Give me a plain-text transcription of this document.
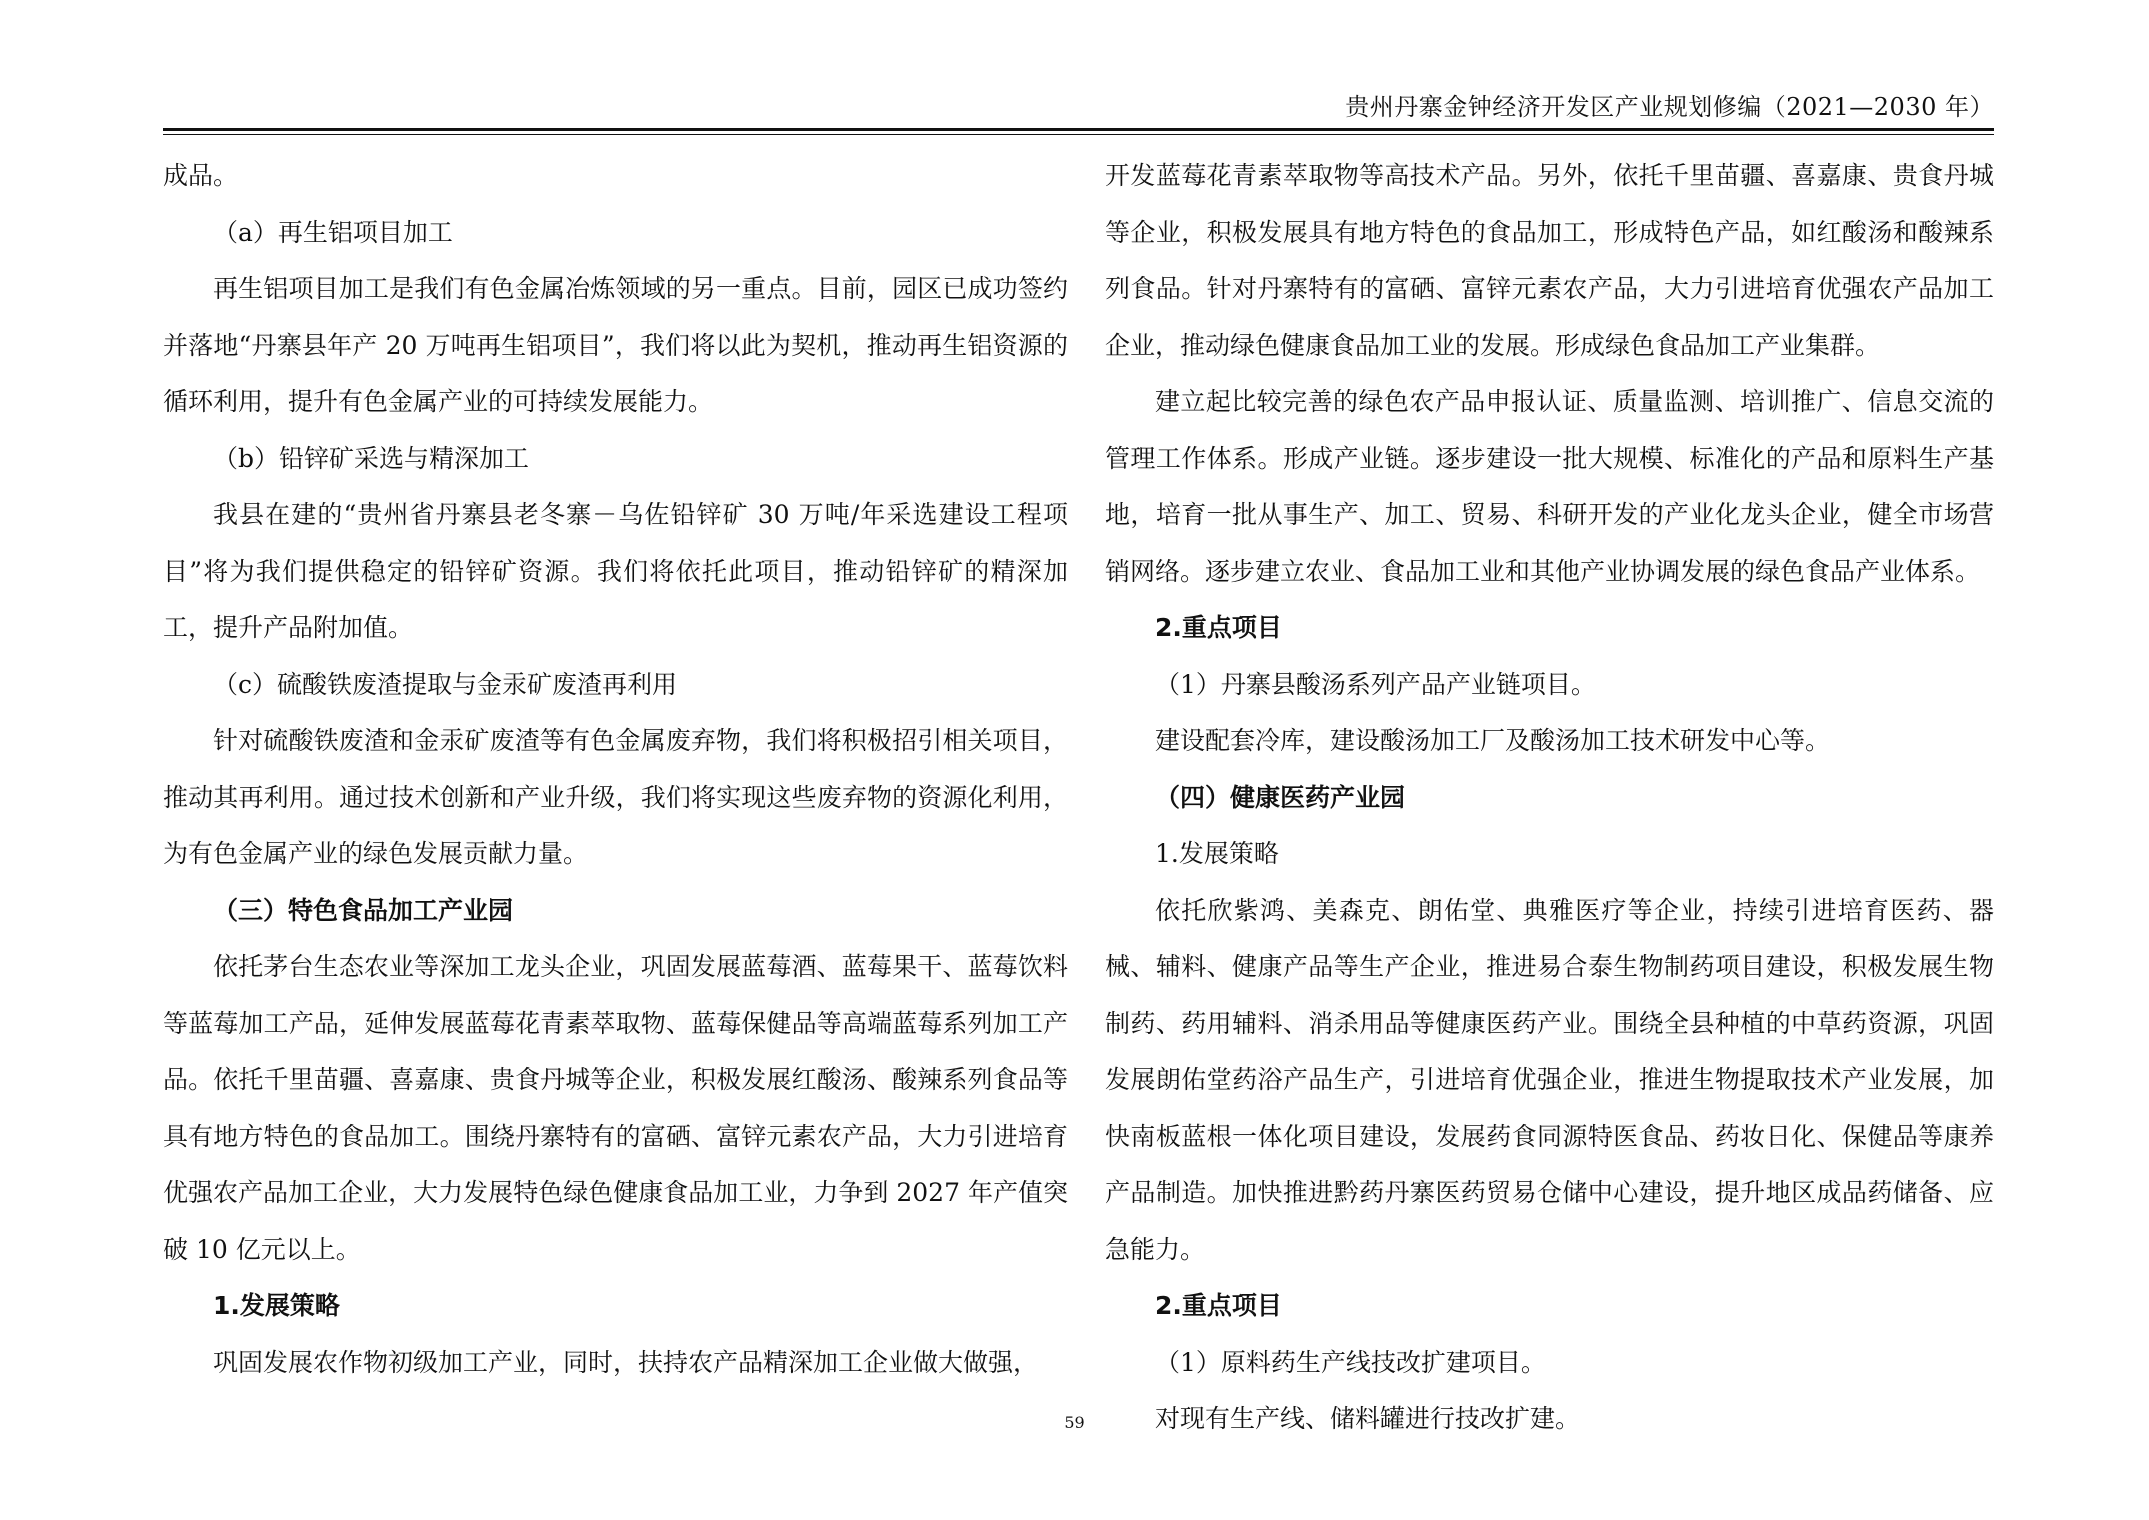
贵州丹寨金钟经济开发区产业规划修编（2021—2030 年）

成品。

（a）再生铝项目加工

再生铝项目加工是我们有色金属冶炼领域的另一重点。目前，园区已成功签约并落地“丹寨县年产 20 万吨再生铝项目”，我们将以此为契机，推动再生铝资源的循环利用，提升有色金属产业的可持续发展能力。

（b）铅锌矿采选与精深加工

我县在建的“贵州省丹寨县老冬寨－乌佐铅锌矿 30 万吨/年采选建设工程项目”将为我们提供稳定的铅锌矿资源。我们将依托此项目，推动铅锌矿的精深加工，提升产品附加值。

（c）硫酸铁废渣提取与金汞矿废渣再利用

针对硫酸铁废渣和金汞矿废渣等有色金属废弃物，我们将积极招引相关项目，推动其再利用。通过技术创新和产业升级，我们将实现这些废弃物的资源化利用，为有色金属产业的绿色发展贡献力量。

（三）特色食品加工产业园

依托茅台生态农业等深加工龙头企业，巩固发展蓝莓酒、蓝莓果干、蓝莓饮料等蓝莓加工产品，延伸发展蓝莓花青素萃取物、蓝莓保健品等高端蓝莓系列加工产品。依托千里苗疆、喜嘉康、贵食丹城等企业，积极发展红酸汤、酸辣系列食品等具有地方特色的食品加工。围绕丹寨特有的富硒、富锌元素农产品，大力引进培育优强农产品加工企业，大力发展特色绿色健康食品加工业，力争到 2027 年产值突破 10 亿元以上。

1.发展策略

巩固发展农作物初级加工产业，同时，扶持农产品精深加工企业做大做强，

开发蓝莓花青素萃取物等高技术产品。另外，依托千里苗疆、喜嘉康、贵食丹城等企业，积极发展具有地方特色的食品加工，形成特色产品，如红酸汤和酸辣系列食品。针对丹寨特有的富硒、富锌元素农产品，大力引进培育优强农产品加工企业，推动绿色健康食品加工业的发展。形成绿色食品加工产业集群。

建立起比较完善的绿色农产品申报认证、质量监测、培训推广、信息交流的管理工作体系。形成产业链。逐步建设一批大规模、标准化的产品和原料生产基地，培育一批从事生产、加工、贸易、科研开发的产业化龙头企业，健全市场营销网络。逐步建立农业、食品加工业和其他产业协调发展的绿色食品产业体系。

2.重点项目

（1）丹寨县酸汤系列产品产业链项目。

建设配套冷库，建设酸汤加工厂及酸汤加工技术研发中心等。

（四）健康医药产业园

1.发展策略

依托欣紫鸿、美森克、朗佑堂、典雅医疗等企业，持续引进培育医药、器械、辅料、健康产品等生产企业，推进易合泰生物制药项目建设，积极发展生物制药、药用辅料、消杀用品等健康医药产业。围绕全县种植的中草药资源，巩固发展朗佑堂药浴产品生产，引进培育优强企业，推进生物提取技术产业发展，加快南板蓝根一体化项目建设，发展药食同源特医食品、药妆日化、保健品等康养产品制造。加快推进黔药丹寨医药贸易仓储中心建设，提升地区成品药储备、应急能力。

2.重点项目

（1）原料药生产线技改扩建项目。

对现有生产线、储料罐进行技改扩建。

59
